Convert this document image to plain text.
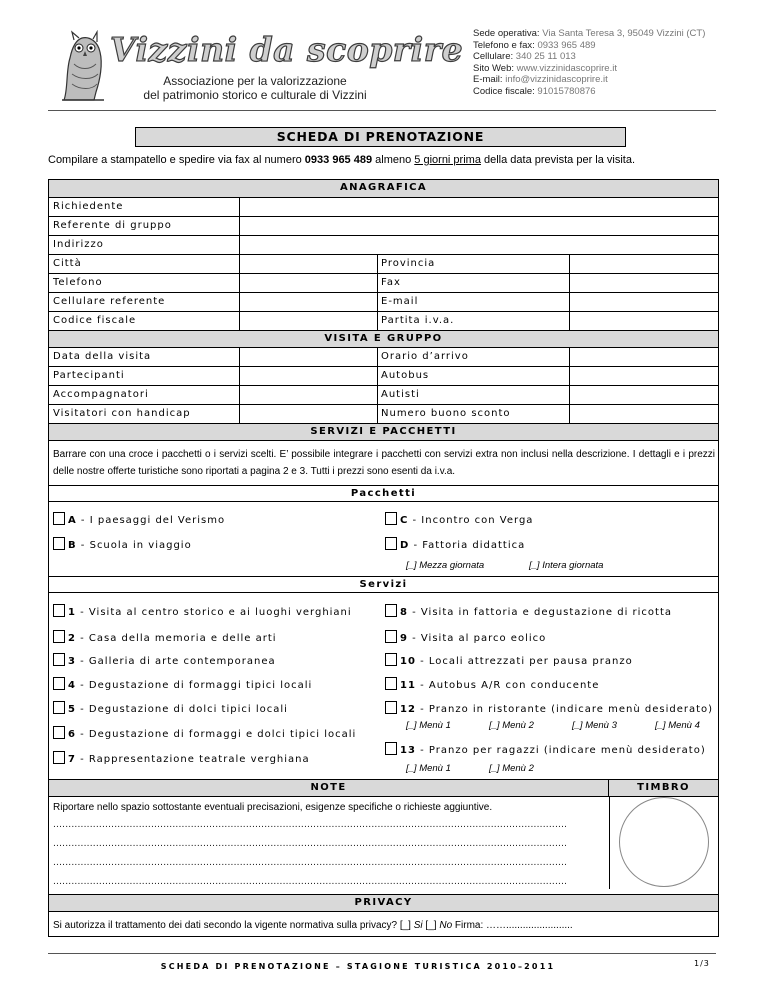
Vizzini da scoprire
Associazione per la valorizzazione
del patrimonio storico e culturale di Vizzini
Sede operativa: Via Santa Teresa 3, 95049 Vizzini (CT)
Telefono e fax: 0933 965 489
Cellulare: 340 25 11 013
Sito Web: www.vizzinidascoprire.it
E-mail: info@vizzinidascoprire.it
Codice fiscale: 91015780876
SCHEDA DI PRENOTAZIONE
Compilare a stampatello e spedire via fax al numero 0933 965 489 almeno 5 giorni prima della data prevista per la visita.
ANAGRAFICA
Richiedente
Referente di gruppo
Indirizzo
Città	Provincia
Telefono	Fax
Cellulare referente	E-mail
Codice fiscale	Partita i.v.a.
VISITA E GRUPPO
Data della visita	Orario d’arrivo
Partecipanti	Autobus
Accompagnatori	Autisti
Visitatori con handicap	Numero buono sconto
SERVIZI E PACCHETTI
Barrare con una croce i pacchetti o i servizi scelti. E’ possibile integrare i pacchetti con servizi extra non inclusi nella descrizione. I dettagli e i prezzi delle nostre offerte turistiche sono riportati a pagina 2 e 3. Tutti i prezzi sono esenti da i.v.a.
Pacchetti
A - I paesaggi del Verismo	C - Incontro con Verga
B - Scuola in viaggio	D - Fattoria didattica
[_] Mezza giornata	[_] Intera giornata
Servizi
1 - Visita al centro storico e ai luoghi verghiani
2 - Casa della memoria e delle arti
3 - Galleria di arte contemporanea
4 - Degustazione di formaggi tipici locali
5 - Degustazione di dolci tipici locali
6 - Degustazione di formaggi e dolci tipici locali
7 - Rappresentazione teatrale verghiana
8 - Visita in fattoria e degustazione di ricotta
9 - Visita al parco eolico
10 - Locali attrezzati per pausa pranzo
11 - Autobus A/R con conducente
12 - Pranzo in ristorante (indicare menù desiderato)
[_] Menù 1	[_] Menù 2	[_] Menù 3	[_] Menù 4
13 - Pranzo per ragazzi (indicare menù desiderato)
[_] Menù 1	[_] Menù 2
NOTE	TIMBRO
Riportare nello spazio sottostante eventuali precisazioni, esigenze specifiche o richieste aggiuntive.
........................................................................................................................................................................
........................................................................................................................................................................
........................................................................................................................................................................
........................................................................................................................................................................
PRIVACY
Si autorizza il trattamento dei dati secondo la vigente normativa sulla privacy? [_] Si [_] No Firma: ……........................
SCHEDA DI PRENOTAZIONE – STAGIONE TURISTICA 2010–2011	1/3
